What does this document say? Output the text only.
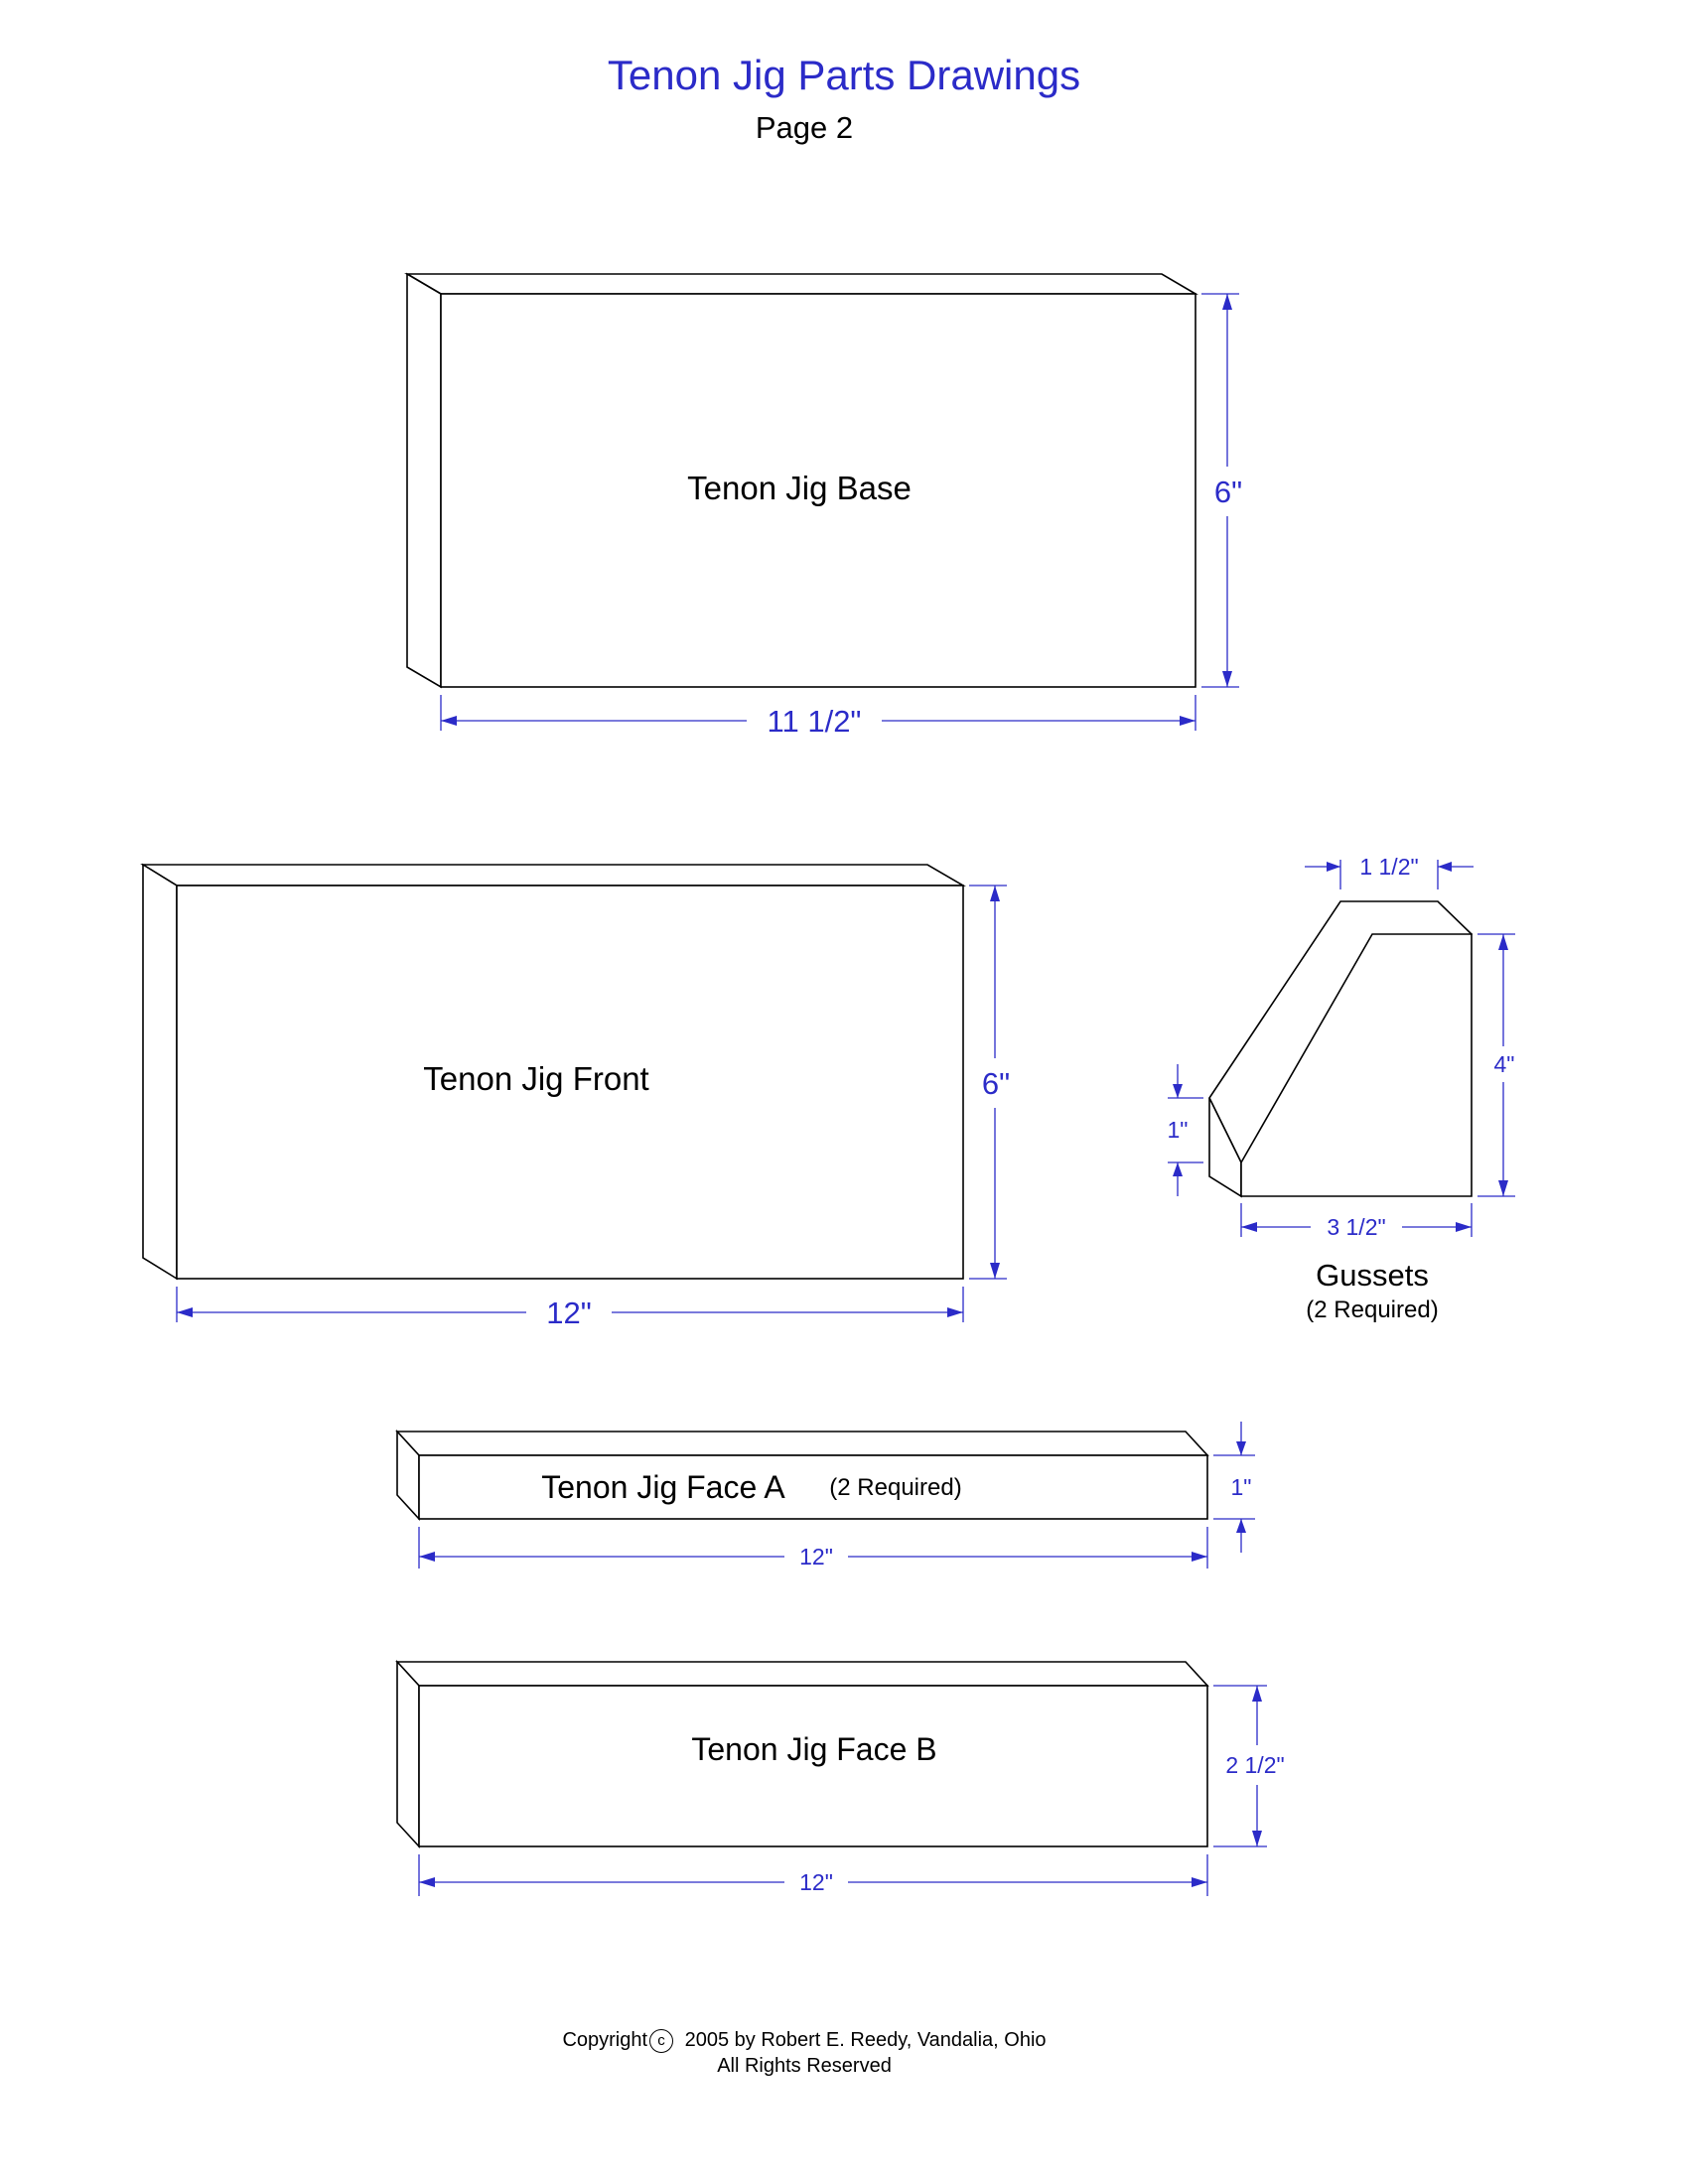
Tenon Jig Parts Drawings
Page 2
Tenon Jig Base	6"
11 1/2"
Tenon Jig Front	6"
12"
1 1/2"
4"
1"
3 1/2"
Gussets
(2 Required)
Tenon Jig Face A (2 Required)	1"
12"
Tenon Jig Face B	2 1/2"
12"
Copyright c 2005 by Robert E. Reedy, Vandalia, Ohio
All Rights Reserved
